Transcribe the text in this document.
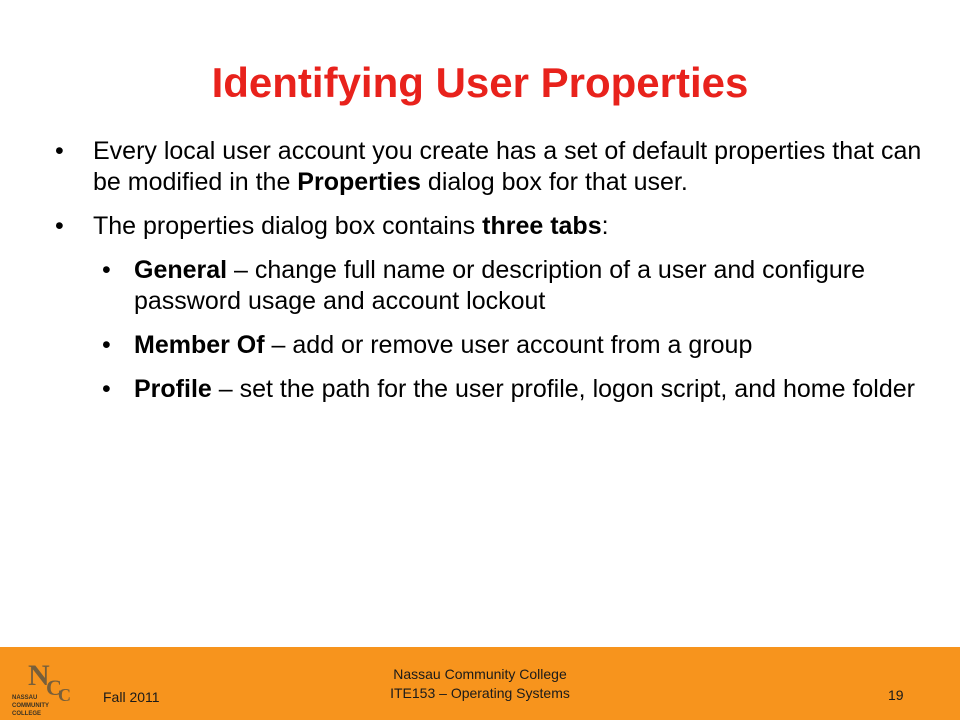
Identifying User Properties
• Every local user account you create has a set of default properties that can be modified in the Properties dialog box for that user.
• The properties dialog box contains three tabs:
• General – change full name or description of a user and configure password usage and account lockout
• Member Of – add or remove user account from a group
• Profile – set the path for the user profile, logon script, and home folder
N
C
C
NASSAU
COMMUNITY
COLLEGE
Fall 2011
Nassau Community College
ITE153 – Operating Systems	19
